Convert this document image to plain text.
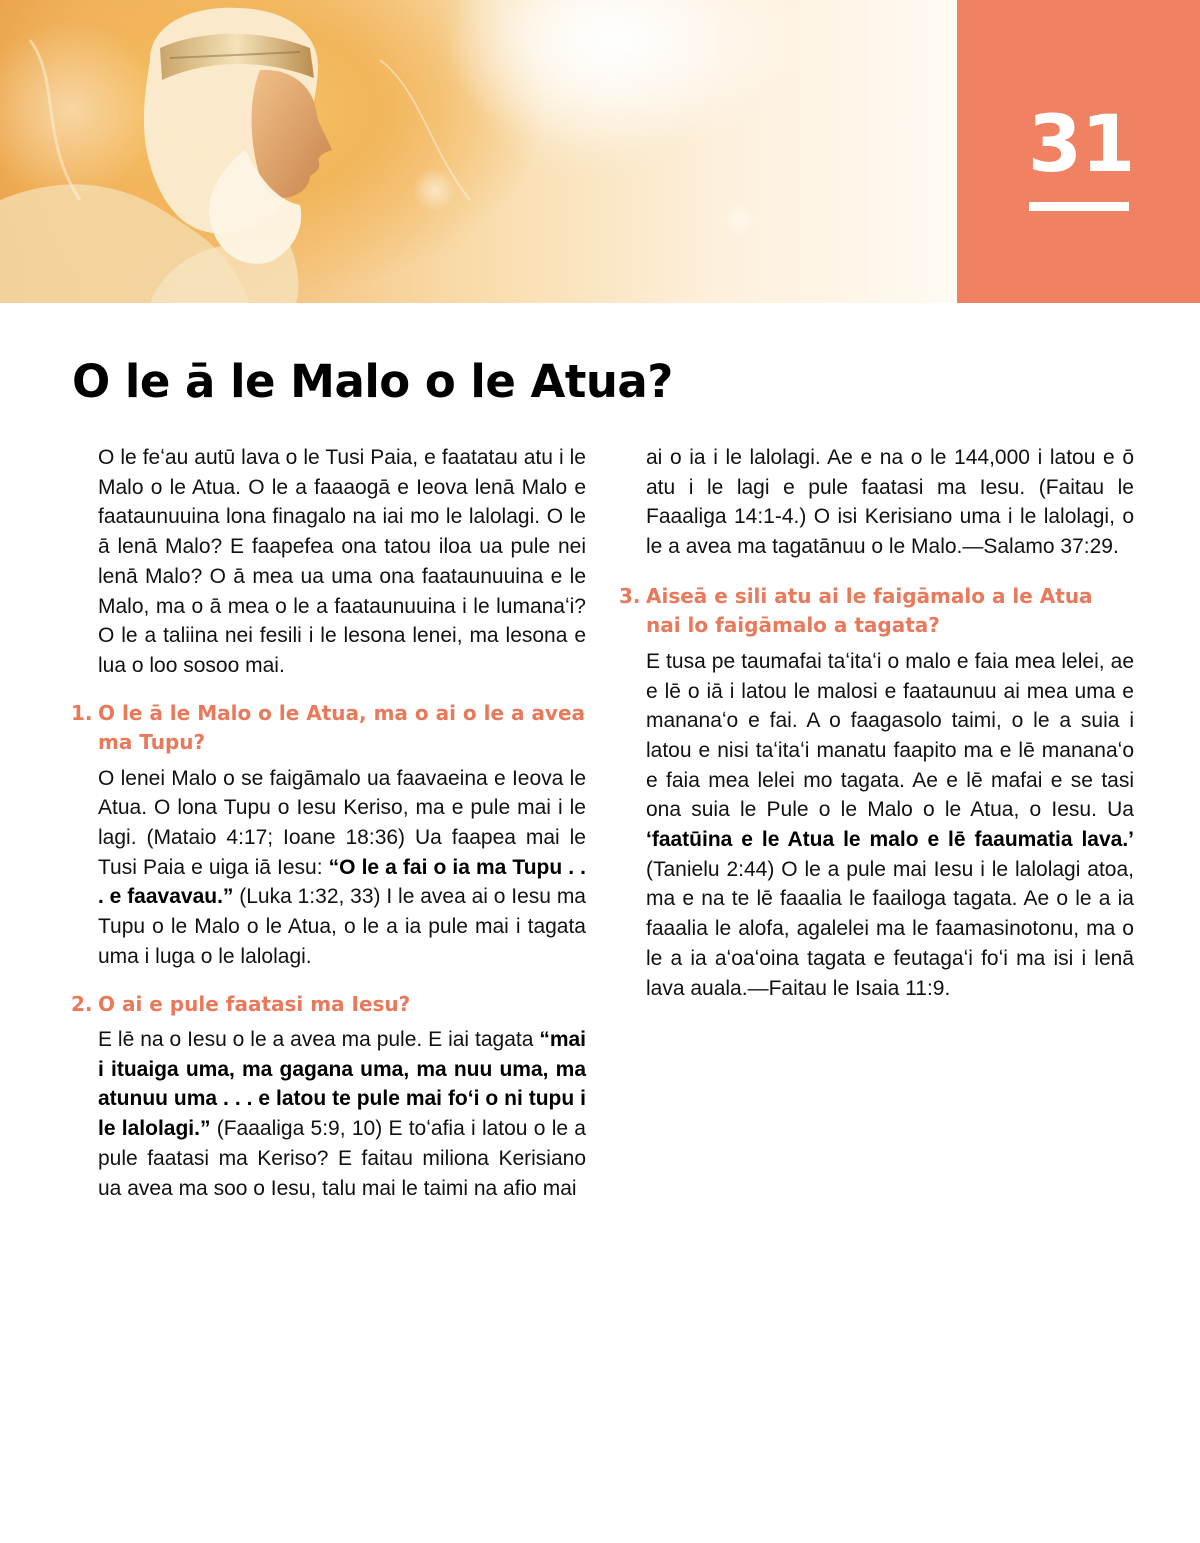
31
O le ā le Malo o le Atua?

O le feʻau autū lava o le Tusi Paia, e faatatau atu i le Malo o le Atua. O le a faaaogā e Ieova lenā Malo e faataunuuina lona finagalo na iai mo le lalolagi. O le ā lenā Malo? E faapefea ona tatou iloa ua pule nei lenā Malo? O ā mea ua uma ona faataunuuina e le Malo, ma o ā mea o le a faataunuuina i le lumanaʻi? O le a taliina nei fesili i le lesona lenei, ma lesona e lua o loo sosoo mai.

1. O le ā le Malo o le Atua, ma o ai o le a avea ma Tupu?

O lenei Malo o se faigāmalo ua faavaeina e Ieova le Atua. O lona Tupu o Iesu Keriso, ma e pule mai i le lagi. (Mataio 4:17; Ioane 18:36) Ua faapea mai le Tusi Paia e uiga iā Iesu: “O le a fai o ia ma Tupu . . . e faavavau.” (Luka 1:32, 33) I le avea ai o Iesu ma Tupu o le Malo o le Atua, o le a ia pule mai i tagata uma i luga o le lalolagi.

2. O ai e pule faatasi ma Iesu?

E lē na o Iesu o le a avea ma pule. E iai tagata “mai i ituaiga uma, ma gagana uma, ma nuu uma, ma atunuu uma . . . e latou te pule mai foʻi o ni tupu i le lalolagi.” (Faaaliga 5:9, 10) E toʻafia i latou o le a pule faatasi ma Keriso? E faitau miliona Kerisiano ua avea ma soo o Iesu, talu mai le taimi na afio mai

ai o ia i le lalolagi. Ae e na o le 144,000 i latou e ō atu i le lagi e pule faatasi ma Iesu. (Faitau le Faaaliga 14:1-4.) O isi Kerisiano uma i le lalolagi, o le a avea ma tagatānuu o le Malo.—Salamo 37:29.

3. Aiseā e sili atu ai le faigāmalo a le Atua nai lo faigāmalo a tagata?

E tusa pe taumafai taʻitaʻi o malo e faia mea lelei, ae e lē o iā i latou le malosi e faataunuu ai mea uma e mananaʻo e fai. A o faagasolo taimi, o le a suia i latou e nisi taʻitaʻi manatu faapito ma e lē mananaʻo e faia mea lelei mo tagata. Ae e lē mafai e se tasi ona suia le Pule o le Malo o le Atua, o Iesu. Ua ‘faatūina e le Atua le malo e lē faaumatia lava.’ (Tanielu 2:44) O le a pule mai Iesu i le lalolagi atoa, ma e na te lē faaalia le faailoga tagata. Ae o le a ia faaalia le alofa, agalelei ma le faamasinotonu, ma o le a ia aʻoaʻoina tagata e feutagaʻi foʻi ma isi i lenā lava auala.—Faitau le Isaia 11:9.
